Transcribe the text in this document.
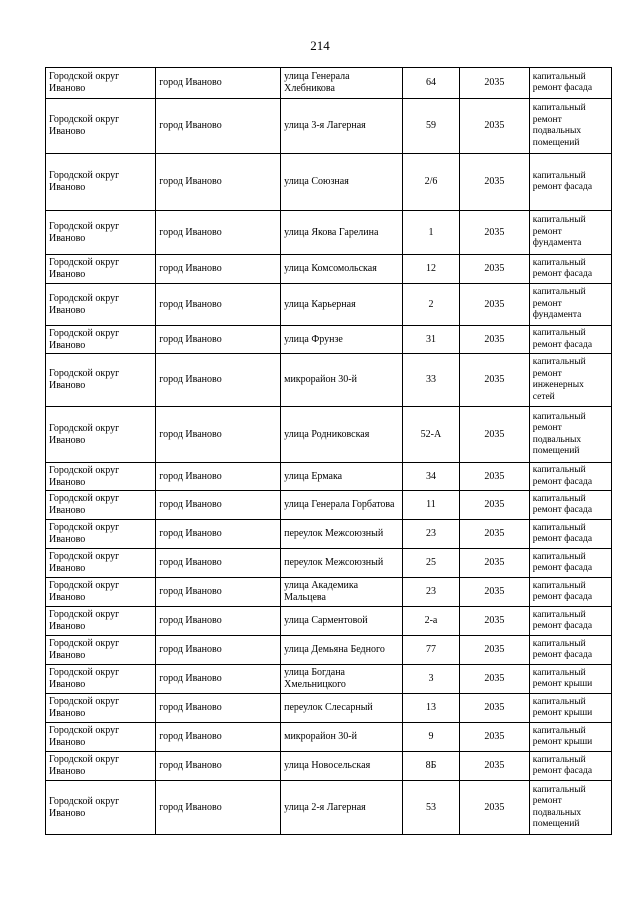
214
Городской округ Иваново	город Иваново	улица Генерала Хлебникова	64	2035	капитальный ремонт фасада
Городской округ Иваново	город Иваново	улица 3-я Лагерная	59	2035	капитальный ремонт подвальных помещений
Городской округ Иваново	город Иваново	улица Союзная	2/6	2035	капитальный ремонт фасада
Городской округ Иваново	город Иваново	улица Якова Гарелина	1	2035	капитальный ремонт фундамента
Городской округ Иваново	город Иваново	улица Комсомольская	12	2035	капитальный ремонт фасада
Городской округ Иваново	город Иваново	улица Карьерная	2	2035	капитальный ремонт фундамента
Городской округ Иваново	город Иваново	улица Фрунзе	31	2035	капитальный ремонт фасада
Городской округ Иваново	город Иваново	микрорайон 30-й	33	2035	капитальный ремонт инженерных сетей
Городской округ Иваново	город Иваново	улица Родниковская	52-А	2035	капитальный ремонт подвальных помещений
Городской округ Иваново	город Иваново	улица Ермака	34	2035	капитальный ремонт фасада
Городской округ Иваново	город Иваново	улица Генерала Горбатова	11	2035	капитальный ремонт фасада
Городской округ Иваново	город Иваново	переулок Межсоюзный	23	2035	капитальный ремонт фасада
Городской округ Иваново	город Иваново	переулок Межсоюзный	25	2035	капитальный ремонт фасада
Городской округ Иваново	город Иваново	улица Академика Мальцева	23	2035	капитальный ремонт фасада
Городской округ Иваново	город Иваново	улица Сарментовой	2-а	2035	капитальный ремонт фасада
Городской округ Иваново	город Иваново	улица Демьяна Бедного	77	2035	капитальный ремонт фасада
Городской округ Иваново	город Иваново	улица Богдана Хмельницкого	3	2035	капитальный ремонт крыши
Городской округ Иваново	город Иваново	переулок Слесарный	13	2035	капитальный ремонт крыши
Городской округ Иваново	город Иваново	микрорайон 30-й	9	2035	капитальный ремонт крыши
Городской округ Иваново	город Иваново	улица Новосельская	8Б	2035	капитальный ремонт фасада
Городской округ Иваново	город Иваново	улица 2-я Лагерная	53	2035	капитальный ремонт подвальных помещений
